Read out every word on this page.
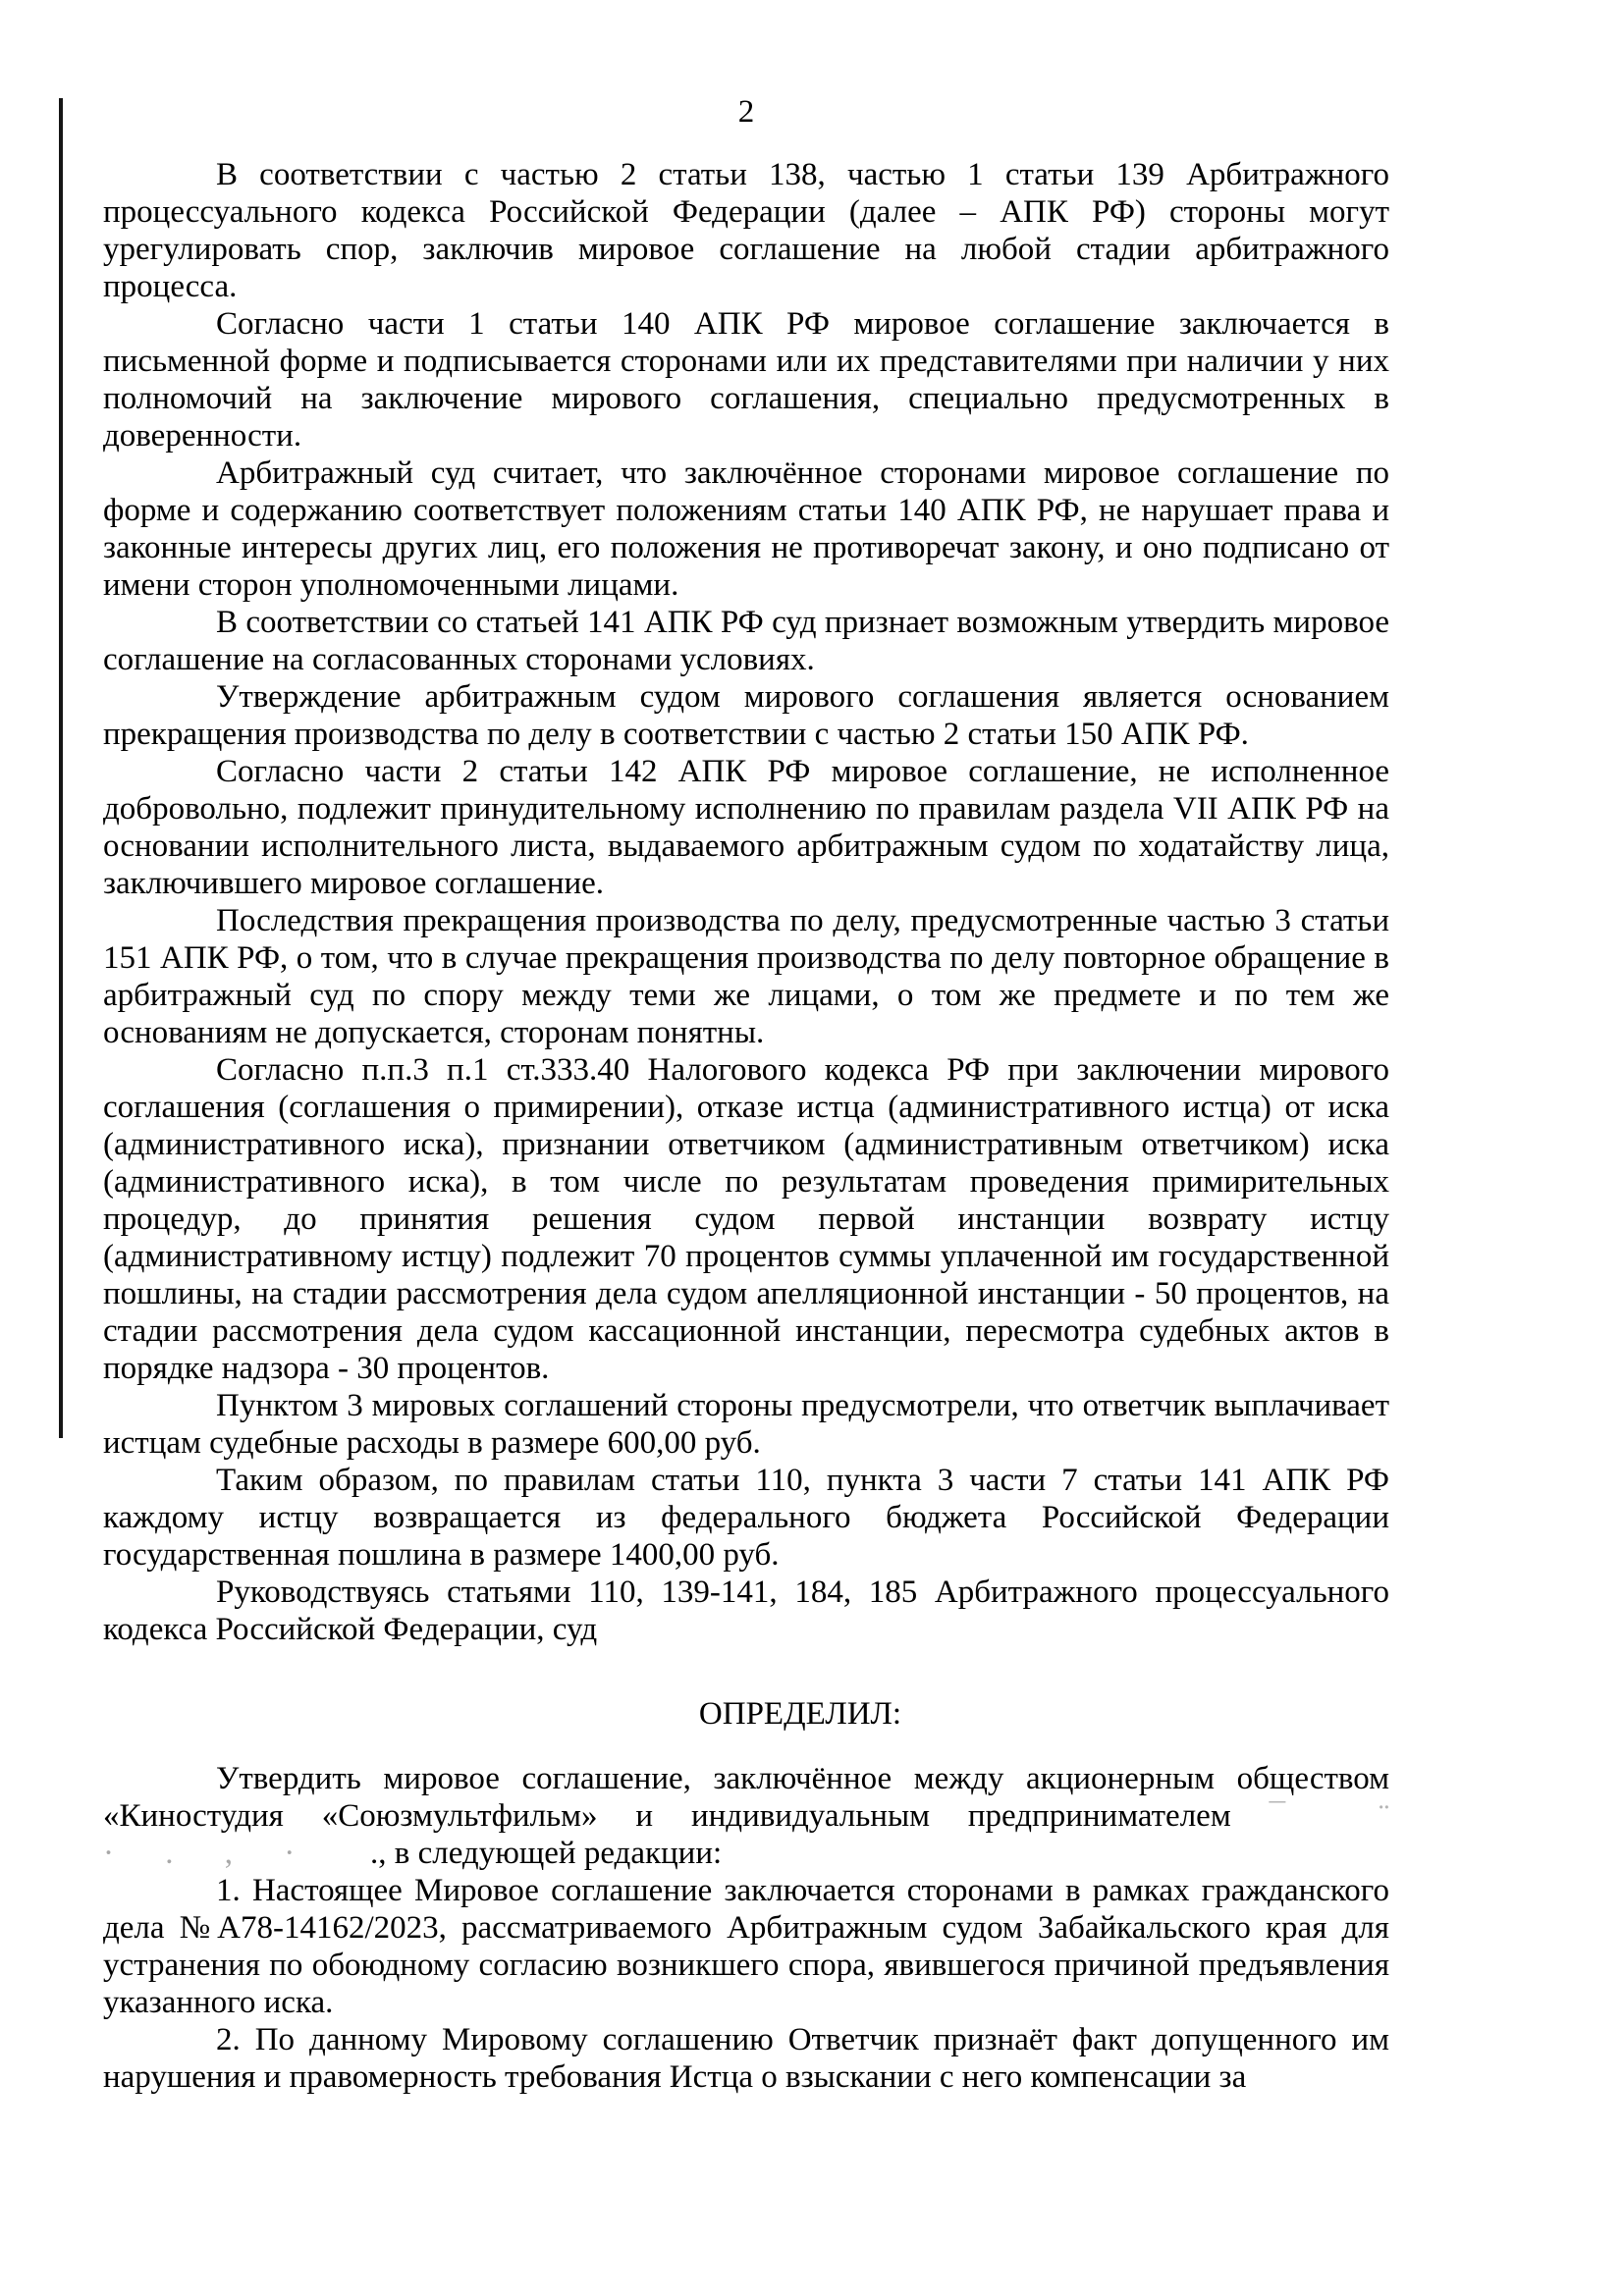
2

В соответствии с частью 2 статьи 138, частью 1 статьи 139 Арбитражного процессуального кодекса Российской Федерации (далее – АПК РФ) стороны могут урегулировать спор, заключив мировое соглашение на любой стадии арбитражного процесса.

Согласно части 1 статьи 140 АПК РФ мировое соглашение заключается в письменной форме и подписывается сторонами или их представителями при наличии у них полномочий на заключение мирового соглашения, специально предусмотренных в доверенности.

Арбитражный суд считает, что заключённое сторонами мировое соглашение по форме и содержанию соответствует положениям статьи 140 АПК РФ, не нарушает права и законные интересы других лиц, его положения не противоречат закону, и оно подписано от имени сторон уполномоченными лицами.

В соответствии со статьей 141 АПК РФ суд признает возможным утвердить мировое соглашение на согласованных сторонами условиях.

Утверждение арбитражным судом мирового соглашения является основанием прекращения производства по делу в соответствии с частью 2 статьи 150 АПК РФ.

Согласно части 2 статьи 142 АПК РФ мировое соглашение, не исполненное добровольно, подлежит принудительному исполнению по правилам раздела VII АПК РФ на основании исполнительного листа, выдаваемого арбитражным судом по ходатайству лица, заключившего мировое соглашение.

Последствия прекращения производства по делу, предусмотренные частью 3 статьи 151 АПК РФ, о том, что в случае прекращения производства по делу повторное обращение в арбитражный суд по спору между теми же лицами, о том же предмете и по тем же основаниям не допускается, сторонам понятны.

Согласно п.п.3 п.1 ст.333.40 Налогового кодекса РФ при заключении мирового соглашения (соглашения о примирении), отказе истца (административного истца) от иска (административного иска), признании ответчиком (административным ответчиком) иска (административного иска), в том числе по результатам проведения примирительных процедур, до принятия решения судом первой инстанции возврату истцу (административному истцу) подлежит 70 процентов суммы уплаченной им государственной пошлины, на стадии рассмотрения дела судом апелляционной инстанции - 50 процентов, на стадии рассмотрения дела судом кассационной инстанции, пересмотра судебных актов в порядке надзора - 30 процентов.

Пунктом 3 мировых соглашений стороны предусмотрели, что ответчик выплачивает истцам судебные расходы в размере 600,00 руб.

Таким образом, по правилам статьи 110, пункта 3 части 7 статьи 141 АПК РФ каждому истцу возвращается из федерального бюджета Российской Федерации государственная пошлина в размере 1400,00 руб.

Руководствуясь статьями 110, 139-141, 184, 185 Арбитражного процессуального кодекса Российской Федерации, суд

ОПРЕДЕЛИЛ:

Утвердить мировое соглашение, заключённое между акционерным обществом
«Киностудия «Союзмультфильм» и индивидуальным предпринимателем ¯ ¨
· . , · ., в следующей редакции:

1. Настоящее Мировое соглашение заключается сторонами в рамках гражданского дела №А78-14162/2023, рассматриваемого Арбитражным судом Забайкальского края для устранения по обоюдному согласию возникшего спора, явившегося причиной предъявления указанного иска.

2. По данному Мировому соглашению Ответчик признаёт факт допущенного им нарушения и правомерность требования Истца о взыскании с него компенсации за
